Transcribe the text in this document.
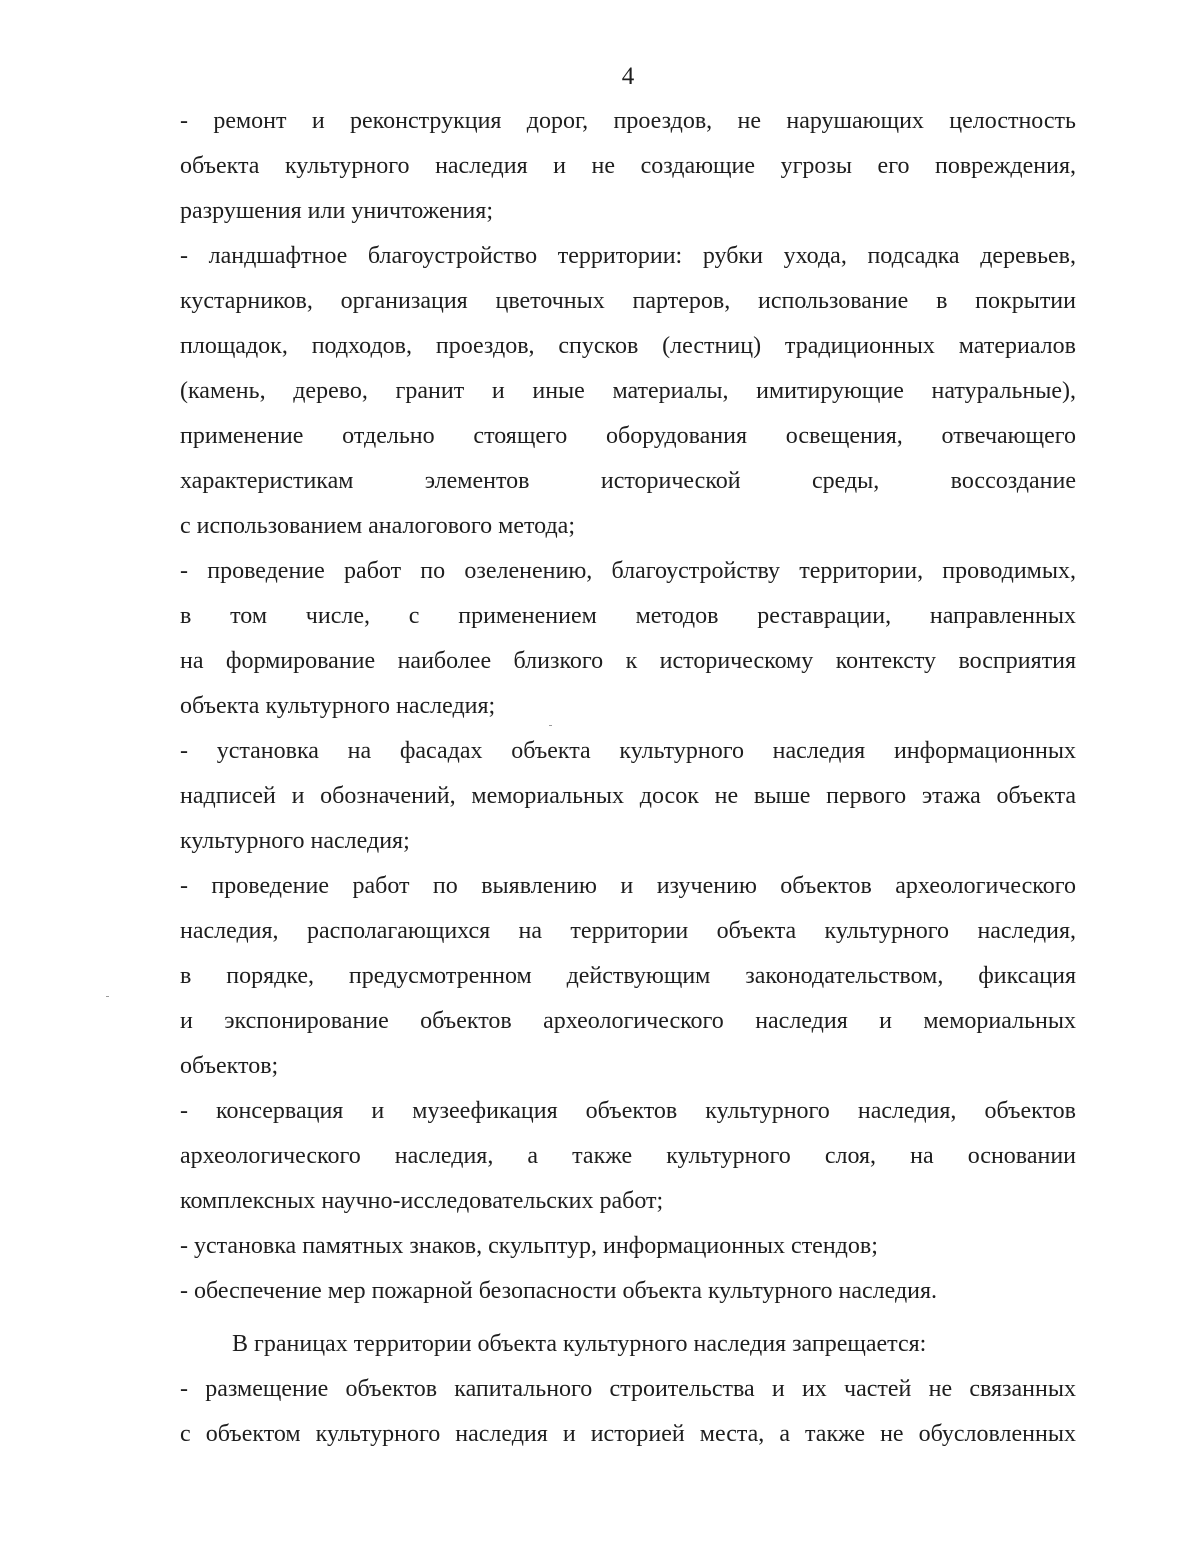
4

- ремонт и реконструкция дорог, проездов, не нарушающих целостность

объекта культурного наследия и не создающие угрозы его повреждения,

разрушения или уничтожения;

- ландшафтное благоустройство территории: рубки ухода, подсадка деревьев,

кустарников, организация цветочных партеров, использование в покрытии

площадок, подходов, проездов, спусков (лестниц) традиционных материалов

(камень, дерево, гранит и иные материалы, имитирующие натуральные),

применение отдельно стоящего оборудования освещения, отвечающего

характеристикам элементов исторической среды, воссоздание

с использованием аналогового метода;

- проведение работ по озеленению, благоустройству территории, проводимых,

в том числе, с применением методов реставрации, направленных

на формирование наиболее близкого к историческому контексту восприятия

объекта культурного наследия;

- установка на фасадах объекта культурного наследия информационных

надписей и обозначений, мемориальных досок не выше первого этажа объекта

культурного наследия;

- проведение работ по выявлению и изучению объектов археологического

наследия, располагающихся на территории объекта культурного наследия,

в порядке, предусмотренном действующим законодательством, фиксация

и экспонирование объектов археологического наследия и мемориальных

объектов;

- консервация и музеефикация объектов культурного наследия, объектов

археологического наследия, а также культурного слоя, на основании

комплексных научно-исследовательских работ;

- установка памятных знаков, скульптур, информационных стендов;

- обеспечение мер пожарной безопасности объекта культурного наследия.

В границах территории объекта культурного наследия запрещается:

- размещение объектов капитального строительства и их частей не связанных

с объектом культурного наследия и историей места, а также не обусловленных
